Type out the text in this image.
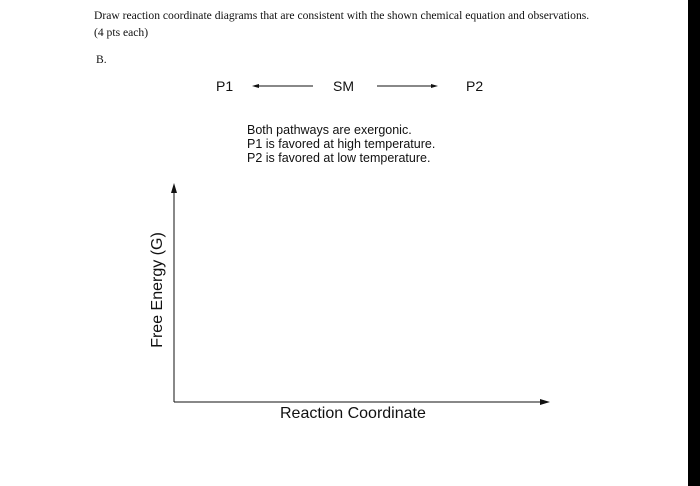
Draw reaction coordinate diagrams that are consistent with the shown chemical equation and observations.
(4 pts each)
B.
P1	SM	P2
Both pathways are exergonic.
P1 is favored at high temperature.
P2 is favored at low temperature.
Free Energy (G)
Reaction Coordinate
